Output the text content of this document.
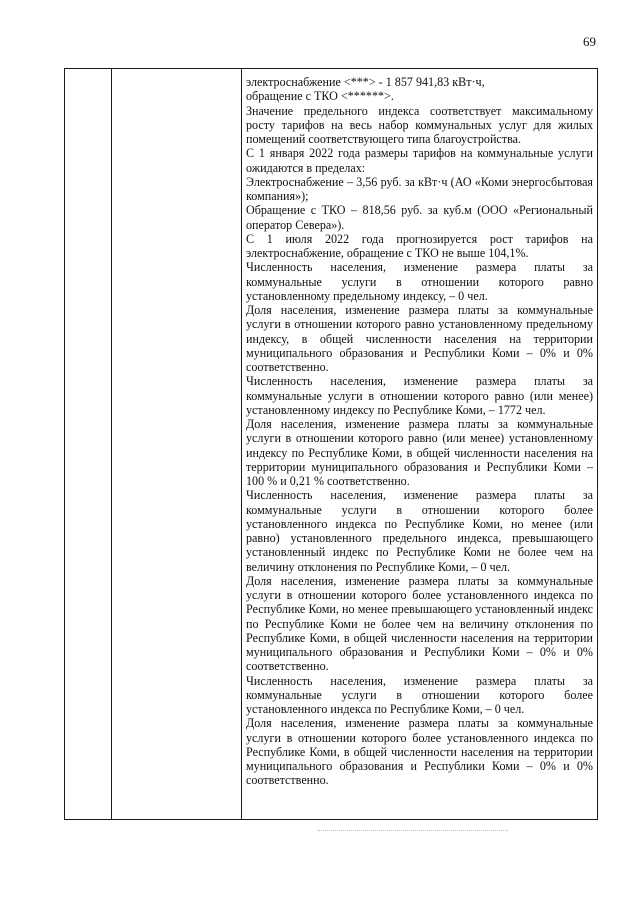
69

электроснабжение <***> - 1 857 941,83 кВт·ч,

обращение с ТКО <******>.

Значение предельного индекса соответствует максимальному росту тарифов на весь набор коммунальных услуг для жилых помещений соответствующего типа благоустройства.

С 1 января 2022 года размеры тарифов на коммунальные услуги ожидаются в пределах:

Электроснабжение – 3,56 руб. за кВт·ч (АО «Коми энергосбытовая компания»);

Обращение с ТКО – 818,56 руб. за куб.м (ООО «Региональный оператор Севера»).

С 1 июля 2022 года прогнозируется рост тарифов на электроснабжение, обращение с ТКО не выше 104,1%.

Численность населения, изменение размера платы за коммунальные услуги в отношении которого равно установленному предельному индексу, – 0 чел.

Доля населения, изменение размера платы за коммунальные услуги в отношении которого равно установленному предельному индексу, в общей численности населения на территории муниципального образования и Республики Коми – 0% и 0% соответственно.

Численность населения, изменение размера платы за коммунальные услуги в отношении которого равно (или менее) установленному индексу по Республике Коми, – 1772 чел.

Доля населения, изменение размера платы за коммунальные услуги в отношении которого равно (или менее) установленному индексу по Республике Коми, в общей численности населения на территории муниципального образования и Республики Коми – 100 % и 0,21 % соответственно.

Численность населения, изменение размера платы за коммунальные услуги в отношении которого более установленного индекса по Республике Коми, но менее (или равно) установленного предельного индекса, превышающего установленный индекс по Республике Коми не более чем на величину отклонения по Республике Коми, – 0 чел.

Доля населения, изменение размера платы за коммунальные услуги в отношении которого более установленного индекса по Республике Коми, но менее превышающего установленный индекс по Республике Коми не более чем на величину отклонения по Республике Коми, в общей численности населения на территории муниципального образования и Республики Коми – 0% и 0% соответственно.

Численность населения, изменение размера платы за коммунальные услуги в отношении которого более установленного индекса по Республике Коми, – 0 чел.

Доля населения, изменение размера платы за коммунальные услуги в отношении которого более установленного индекса по Республике Коми, в общей численности населения на территории муниципального образования и Республики Коми – 0% и 0% соответственно.
